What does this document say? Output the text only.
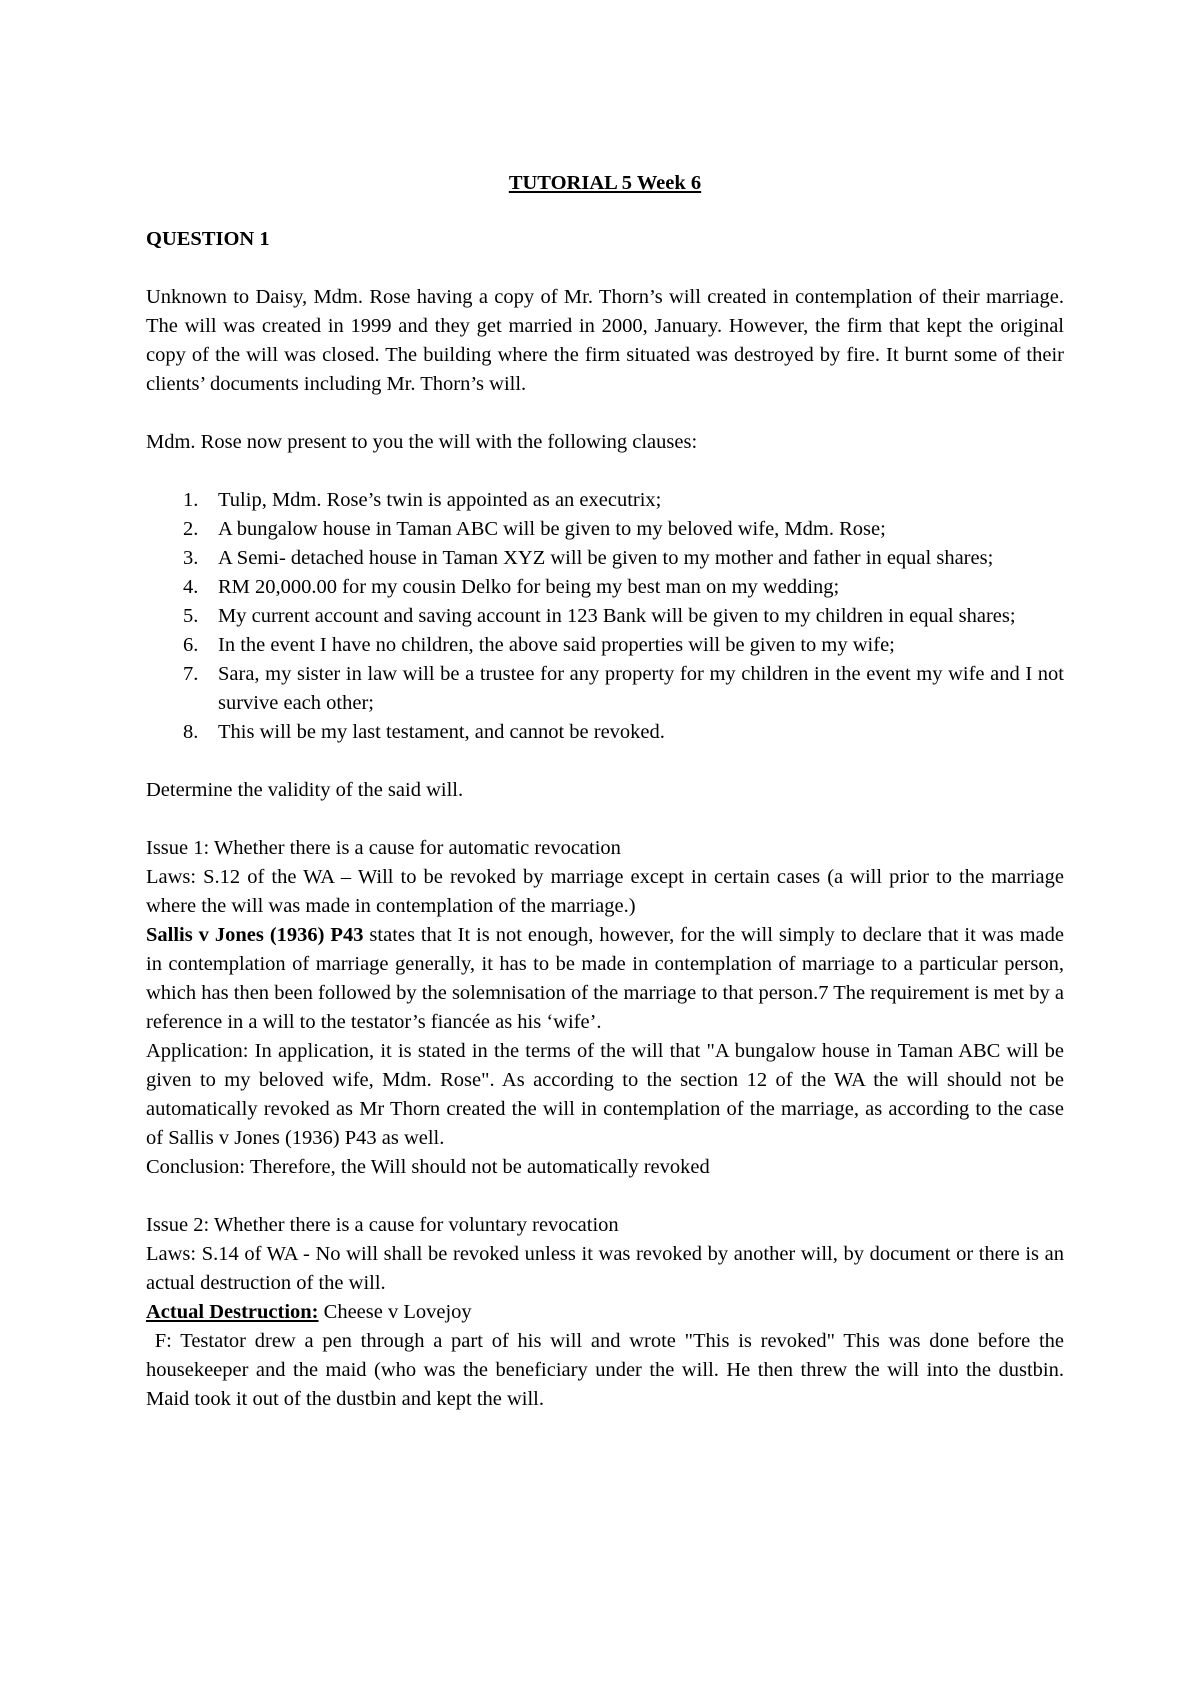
TUTORIAL 5 Week 6

QUESTION 1

Unknown to Daisy, Mdm. Rose having a copy of Mr. Thorn’s will created in contemplation of their marriage. The will was created in 1999 and they get married in 2000, January. However, the firm that kept the original copy of the will was closed. The building where the firm situated was destroyed by fire. It burnt some of their clients’ documents including Mr. Thorn’s will.

Mdm. Rose now present to you the will with the following clauses:

1. Tulip, Mdm. Rose’s twin is appointed as an executrix;
2. A bungalow house in Taman ABC will be given to my beloved wife, Mdm. Rose;
3. A Semi- detached house in Taman XYZ will be given to my mother and father in equal shares;
4. RM 20,000.00 for my cousin Delko for being my best man on my wedding;
5. My current account and saving account in 123 Bank will be given to my children in equal shares;
6. In the event I have no children, the above said properties will be given to my wife;
7. Sara, my sister in law will be a trustee for any property for my children in the event my wife and I not survive each other;
8. This will be my last testament, and cannot be revoked.

Determine the validity of the said will.

Issue 1: Whether there is a cause for automatic revocation

Laws: S.12 of the WA – Will to be revoked by marriage except in certain cases (a will prior to the marriage where the will was made in contemplation of the marriage.)

Sallis v Jones (1936) P43 states that It is not enough, however, for the will simply to declare that it was made in contemplation of marriage generally, it has to be made in contemplation of marriage to a particular person, which has then been followed by the solemnisation of the marriage to that person.7 The requirement is met by a reference in a will to the testator’s fiancée as his ‘wife’.

Application: In application, it is stated in the terms of the will that "A bungalow house in Taman ABC will be given to my beloved wife, Mdm. Rose". As according to the section 12 of the WA the will should not be automatically revoked as Mr Thorn created the will in contemplation of the marriage, as according to the case of Sallis v Jones (1936) P43 as well.

Conclusion: Therefore, the Will should not be automatically revoked

Issue 2: Whether there is a cause for voluntary revocation

Laws: S.14 of WA - No will shall be revoked unless it was revoked by another will, by document or there is an actual destruction of the will.

Actual Destruction: Cheese v Lovejoy

F: Testator drew a pen through a part of his will and wrote "This is revoked" This was done before the housekeeper and the maid (who was the beneficiary under the will. He then threw the will into the dustbin. Maid took it out of the dustbin and kept the will.
